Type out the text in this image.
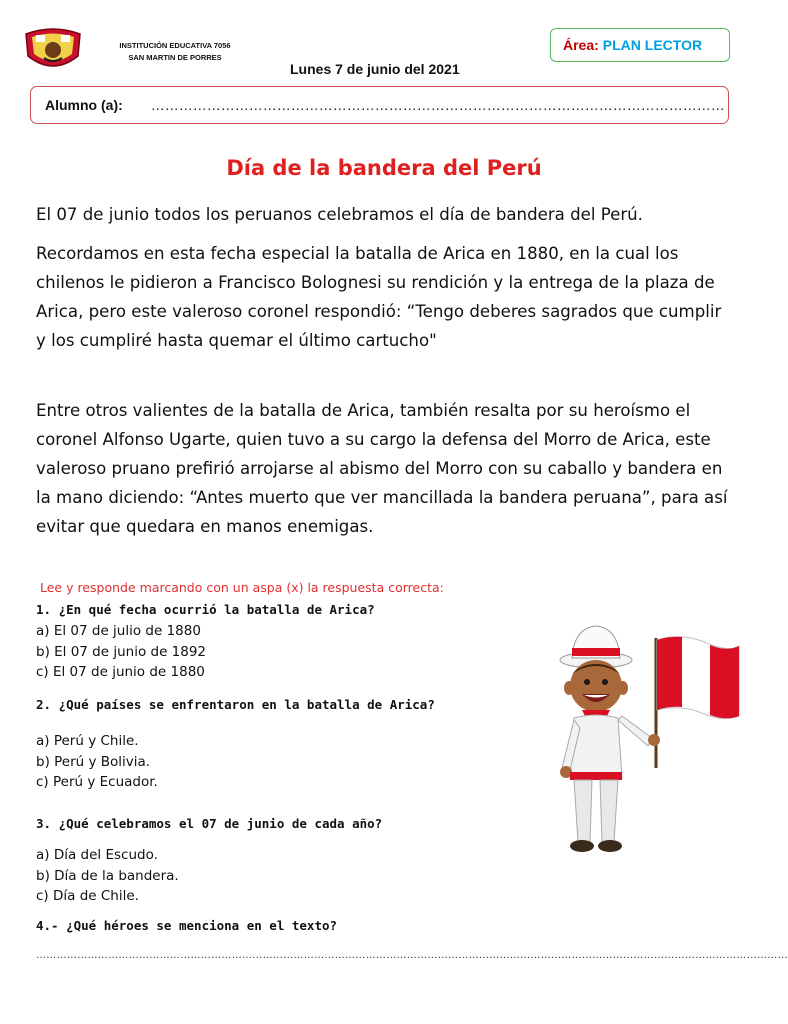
INSTITUCIÓN EDUCATIVA 7056
SAN MARTIN DE PORRES
Lunes 7 de junio del 2021
Área: PLAN LECTOR
Alumno (a): ……………………………………………………………………………………………………………
Día de la bandera del Perú
El 07 de junio todos los peruanos celebramos el día de bandera del Perú.
Recordamos en esta fecha especial la batalla de Arica en 1880, en la cual los chilenos le pidieron a Francisco Bolognesi su rendición y la entrega de la plaza de Arica, pero este valeroso coronel respondió: “Tengo deberes sagrados que cumplir y los cumpliré hasta quemar el último cartucho"
Entre otros valientes de la batalla de Arica, también resalta por su heroísmo el coronel Alfonso Ugarte, quien tuvo a su cargo la defensa del Morro de Arica, este valeroso pruano prefirió arrojarse al abismo del Morro con su caballo y bandera en la mano diciendo: “Antes muerto que ver mancillada la bandera peruana”, para así evitar que quedara en manos enemigas.
Lee y responde marcando con un aspa (x) la respuesta correcta:
1. ¿En qué fecha ocurrió la batalla de Arica?
a) El 07 de julio de 1880
b) El 07 de junio de 1892
c) El 07 de junio de 1880
2. ¿Qué países se enfrentaron en la batalla de Arica?
a) Perú y Chile.
b) Perú y Bolivia.
c) Perú y Ecuador.
3. ¿Qué celebramos el 07 de junio de cada año?
a) Día del Escudo.
b) Día de la bandera.
c) Día de Chile.
4.- ¿Qué héroes se menciona en el texto?
…………………………………………………………………………………………………………………………………………………………………………………………………
